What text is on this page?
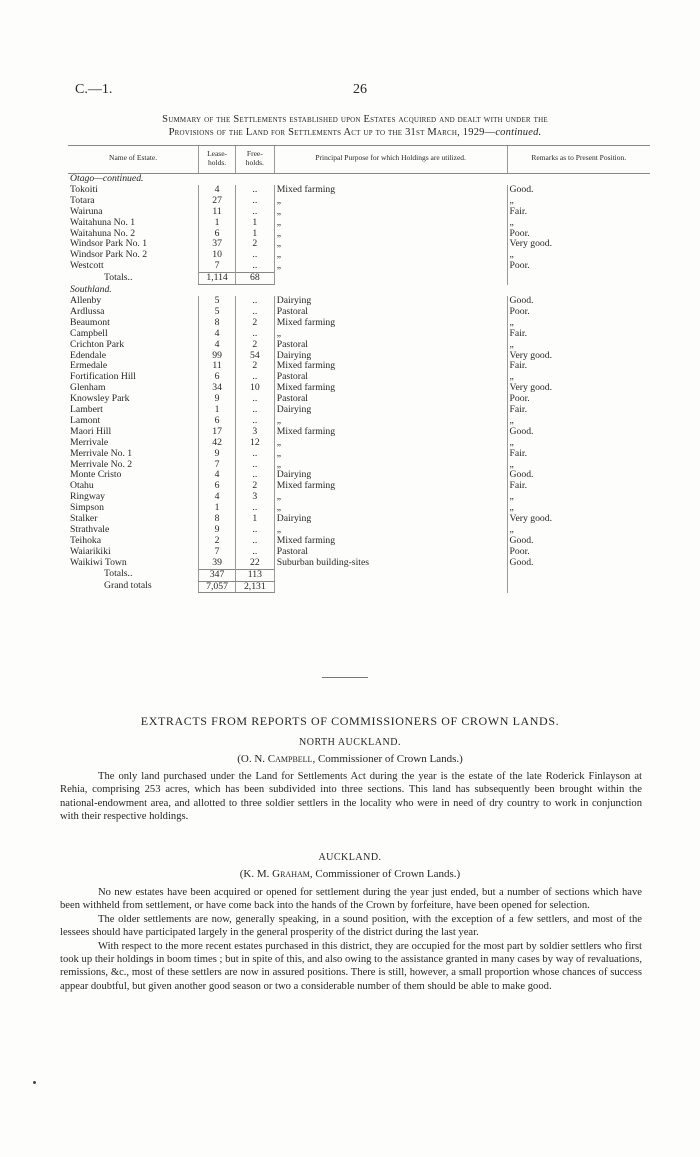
C.—1.	26
Summary of the Settlements established upon Estates acquired and dealt with under the
Provisions of the Land for Settlements Act up to the 31st March, 1929—continued.
Name of Estate.	Lease-holds.	Free-holds.	Principal Purpose for which Holdings are utilized.	Remarks as to Present Position.
Otago—continued.				
Tokoiti	4	..	Mixed farming	Good.
Totara	27	..	„	„
Wairuna	11	..	„	Fair.
Waitahuna No. 1	1	1	„	„
Waitahuna No. 2	6	1	„	Poor.
Windsor Park No. 1	37	2	„	Very good.
Windsor Park No. 2	10	..	„	„
Westcott	7	..	„	Poor.
Totals..	1,114	68		
Southland.				
Allenby	5	..	Dairying	Good.
Ardlussa	5	..	Pastoral	Poor.
Beaumont	8	2	Mixed farming	„
Campbell	4	..	„	Fair.
Crichton Park	4	2	Pastoral	„
Edendale	99	54	Dairying	Very good.
Ermedale	11	2	Mixed farming	Fair.
Fortification Hill	6	..	Pastoral	„
Glenham	34	10	Mixed farming	Very good.
Knowsley Park	9	..	Pastoral	Poor.
Lambert	1	..	Dairying	Fair.
Lamont	6	..	„	„
Maori Hill	17	3	Mixed farming	Good.
Merrivale	42	12	„	„
Merrivale No. 1	9	..	„	Fair.
Merrivale No. 2	7	..	„	„
Monte Cristo	4	..	Dairying	Good.
Otahu	6	2	Mixed farming	Fair.
Ringway	4	3	„	„
Simpson	1	..	„	„
Stalker	8	1	Dairying	Very good.
Strathvale	9	..	„	„
Teihoka	2	..	Mixed farming	Good.
Waiarikiki	7	..	Pastoral	Poor.
Waikiwi Town	39	22	Suburban building-sites	Good.
Totals..	347	113		
Grand totals	7,057	2,131		
EXTRACTS FROM REPORTS OF COMMISSIONERS OF CROWN LANDS.
NORTH AUCKLAND.
(O. N. Campbell, Commissioner of Crown Lands.)

The only land purchased under the Land for Settlements Act during the year is the estate of the late Roderick Finlayson at Rehia, comprising 253 acres, which has been subdivided into three sections. This land has subsequently been brought within the national-endowment area, and allotted to three soldier settlers in the locality who were in need of dry country to work in conjunction with their respective holdings.

AUCKLAND.
(K. M. Graham, Commissioner of Crown Lands.)

No new estates have been acquired or opened for settlement during the year just ended, but a number of sections which have been withheld from settlement, or have come back into the hands of the Crown by forfeiture, have been opened for selection.

The older settlements are now, generally speaking, in a sound position, with the exception of a few settlers, and most of the lessees should have participated largely in the general prosperity of the district during the last year.

With respect to the more recent estates purchased in this district, they are occupied for the most part by soldier settlers who first took up their holdings in boom times ; but in spite of this, and also owing to the assistance granted in many cases by way of revaluations, remissions, &c., most of these settlers are now in assured positions. There is still, however, a small proportion whose chances of success appear doubtful, but given another good season or two a considerable number of them should be able to make good.
